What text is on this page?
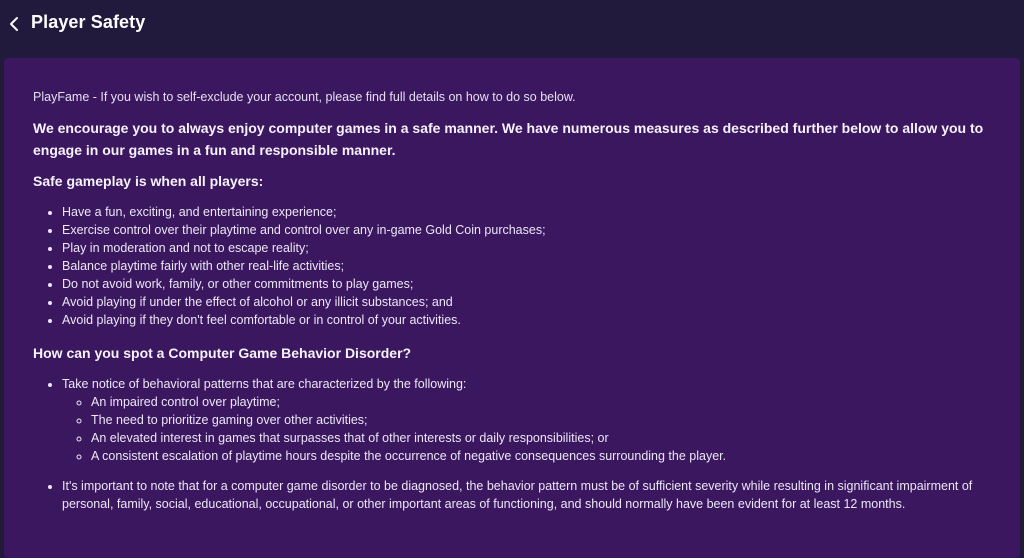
Player Safety

PlayFame - If you wish to self-exclude your account, please find full details on how to do so below.

We encourage you to always enjoy computer games in a safe manner. We have numerous measures as described further below to allow you to engage in our games in a fun and responsible manner.

Safe gameplay is when all players:

• Have a fun, exciting, and entertaining experience;
• Exercise control over their playtime and control over any in-game Gold Coin purchases;
• Play in moderation and not to escape reality;
• Balance playtime fairly with other real-life activities;
• Do not avoid work, family, or other commitments to play games;
• Avoid playing if under the effect of alcohol or any illicit substances; and
• Avoid playing if they don't feel comfortable or in control of your activities.

How can you spot a Computer Game Behavior Disorder?

• Take notice of behavioral patterns that are characterized by the following:
◦ An impaired control over playtime;
◦ The need to prioritize gaming over other activities;
◦ An elevated interest in games that surpasses that of other interests or daily responsibilities; or
◦ A consistent escalation of playtime hours despite the occurrence of negative consequences surrounding the player.
• It's important to note that for a computer game disorder to be diagnosed, the behavior pattern must be of sufficient severity while resulting in significant impairment of personal, family, social, educational, occupational, or other important areas of functioning, and should normally have been evident for at least 12 months.
